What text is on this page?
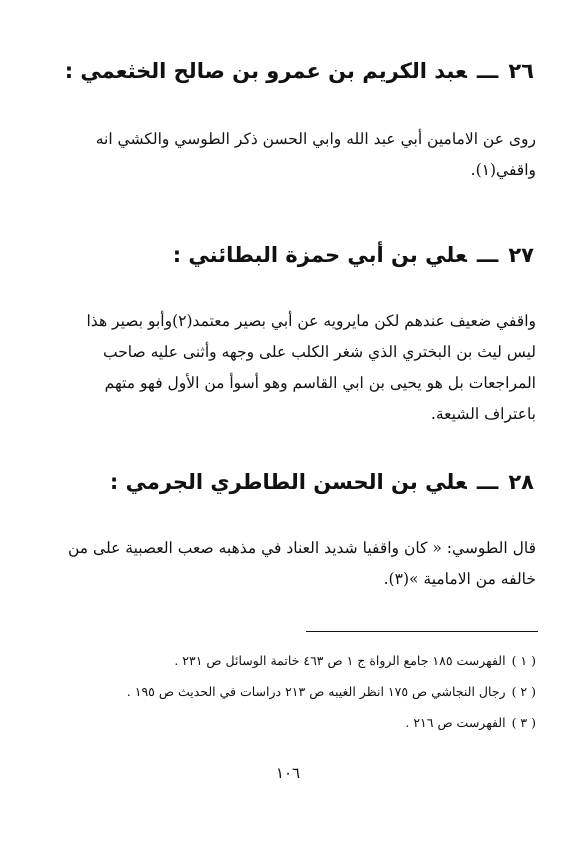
٢٦ـــعبد الكريم بن عمرو بن صالح الخثعمي :

روى عن الامامين أبي عبد الله وابي الحسن ذكر الطوسي والكشي انه

واقفي(١).

٢٧ـــعلي بن أبي حمزة البطائني :

واقفي ضعيف عندهم لكن مايرويه عن أبي بصير معتمد(٢)وأبو بصير هذا

ليس ليث بن البختري الذي شغر الكلب على وجهه وأثنى عليه صاحب

المراجعات بل هو يحيى بن ابي القاسم وهو أسوأ من الأول فهو متهم

باعتراف الشيعة.

٢٨ـــعلي بن الحسن الطاطري الجرمي :

قال الطوسي: « كان واقفيا شديد العناد في مذهبه صعب العصبية على من

خالفه من الامامية »(٣).

( ١ )الفهرست ١٨٥ جامع الرواة ج ١ ص ٤٦٣ خاتمة الوسائل ص ٢٣١ .
( ٢ )رجال النجاشي ص ١٧٥ انظر الغيبه ص ٢١٣ دراسات في الحديث ص ١٩٥ .
( ٣ )الفهرست ص ٢١٦ .
١٠٦
